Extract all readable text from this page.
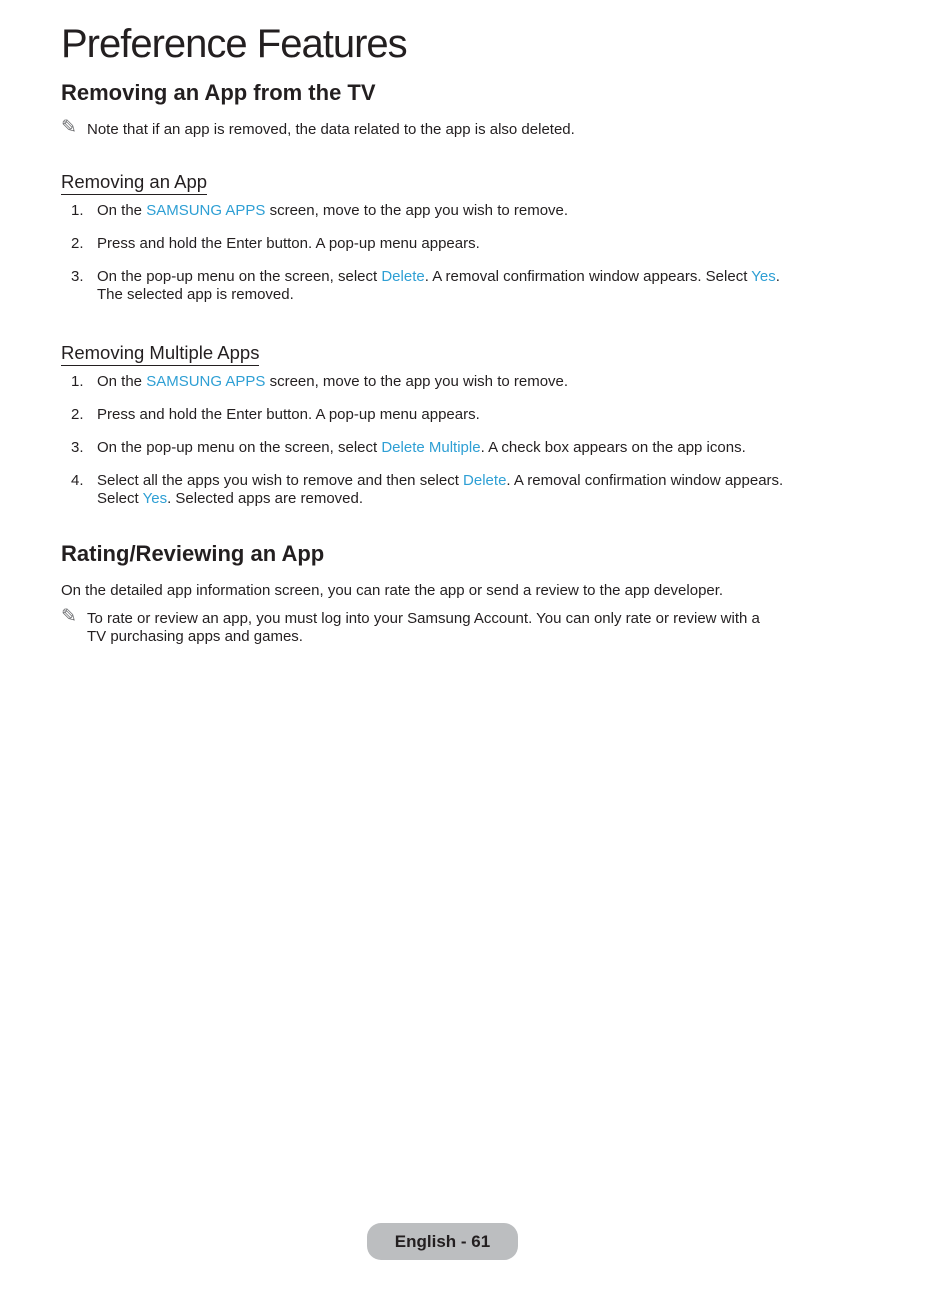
Preference Features
Removing an App from the TV
✎ Note that if an app is removed, the data related to the app is also deleted.
Removing an App
1. On the SAMSUNG APPS screen, move to the app you wish to remove.
2. Press and hold the Enter button. A pop-up menu appears.
3. On the pop-up menu on the screen, select Delete. A removal confirmation window appears. Select Yes. The selected app is removed.
Removing Multiple Apps
1. On the SAMSUNG APPS screen, move to the app you wish to remove.
2. Press and hold the Enter button. A pop-up menu appears.
3. On the pop-up menu on the screen, select Delete Multiple. A check box appears on the app icons.
4. Select all the apps you wish to remove and then select Delete. A removal confirmation window appears. Select Yes. Selected apps are removed.
Rating/Reviewing an App

On the detailed app information screen, you can rate the app or send a review to the app developer.

✎ To rate or review an app, you must log into your Samsung Account. You can only rate or review with a TV purchasing apps and games.
English - 61
